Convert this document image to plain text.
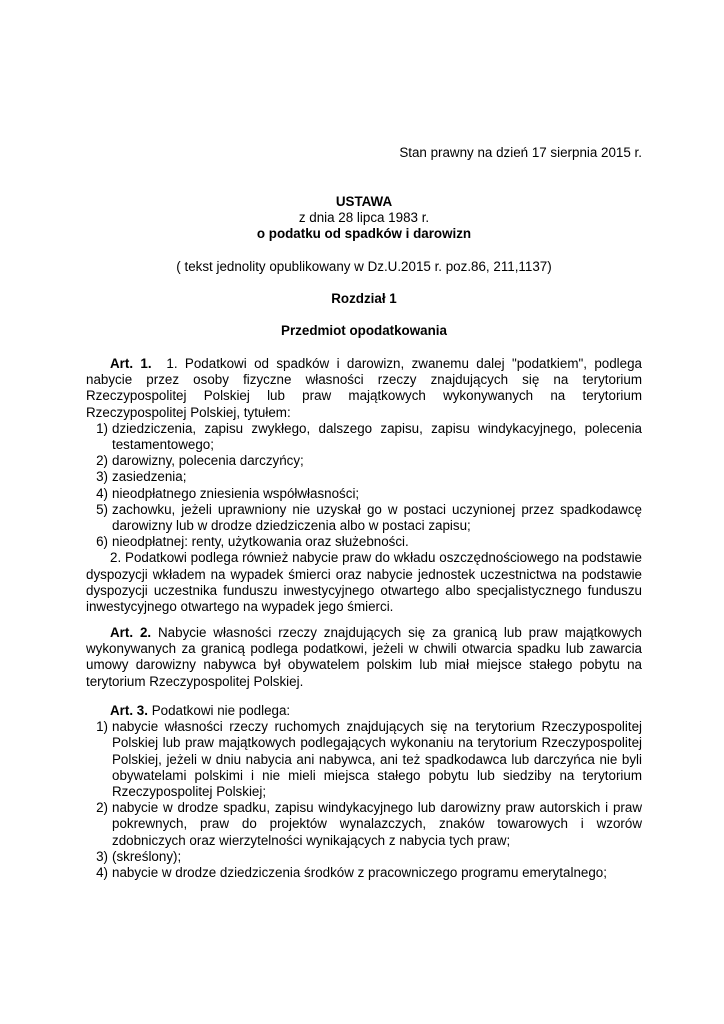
Stan prawny na dzień 17 sierpnia 2015 r.
USTAWA
z dnia 28 lipca 1983 r.
o podatku od spadków i darowizn
( tekst jednolity opublikowany w Dz.U.2015 r. poz.86, 211,1137)
Rozdział 1
Przedmiot opodatkowania

Art. 1. 1. Podatkowi od spadków i darowizn, zwanemu dalej "podatkiem", podlega nabycie przez osoby fizyczne własności rzeczy znajdujących się na terytorium Rzeczypospolitej Polskiej lub praw majątkowych wykonywanych na terytorium Rzeczypospolitej Polskiej, tytułem:

1) dziedziczenia, zapisu zwykłego, dalszego zapisu, zapisu windykacyjnego, polecenia testamentowego;
2) darowizny, polecenia darczyńcy;
3) zasiedzenia;
4) nieodpłatnego zniesienia współwłasności;
5) zachowku, jeżeli uprawniony nie uzyskał go w postaci uczynionej przez spadkodawcę darowizny lub w drodze dziedziczenia albo w postaci zapisu;
6) nieodpłatnej: renty, użytkowania oraz służebności.

2. Podatkowi podlega również nabycie praw do wkładu oszczędnościowego na podstawie dyspozycji wkładem na wypadek śmierci oraz nabycie jednostek uczestnictwa na podstawie dyspozycji uczestnika funduszu inwestycyjnego otwartego albo specjalistycznego funduszu inwestycyjnego otwartego na wypadek jego śmierci.

Art. 2. Nabycie własności rzeczy znajdujących się za granicą lub praw majątkowych wykonywanych za granicą podlega podatkowi, jeżeli w chwili otwarcia spadku lub zawarcia umowy darowizny nabywca był obywatelem polskim lub miał miejsce stałego pobytu na terytorium Rzeczypospolitej Polskiej.

Art. 3. Podatkowi nie podlega:

1) nabycie własności rzeczy ruchomych znajdujących się na terytorium Rzeczypospolitej Polskiej lub praw majątkowych podlegających wykonaniu na terytorium Rzeczypospolitej Polskiej, jeżeli w dniu nabycia ani nabywca, ani też spadkodawca lub darczyńca nie byli obywatelami polskimi i nie mieli miejsca stałego pobytu lub siedziby na terytorium Rzeczypospolitej Polskiej;
2) nabycie w drodze spadku, zapisu windykacyjnego lub darowizny praw autorskich i praw pokrewnych, praw do projektów wynalazczych, znaków towarowych i wzorów zdobniczych oraz wierzytelności wynikających z nabycia tych praw;
3) (skreślony);
4) nabycie w drodze dziedziczenia środków z pracowniczego programu emerytalnego;
